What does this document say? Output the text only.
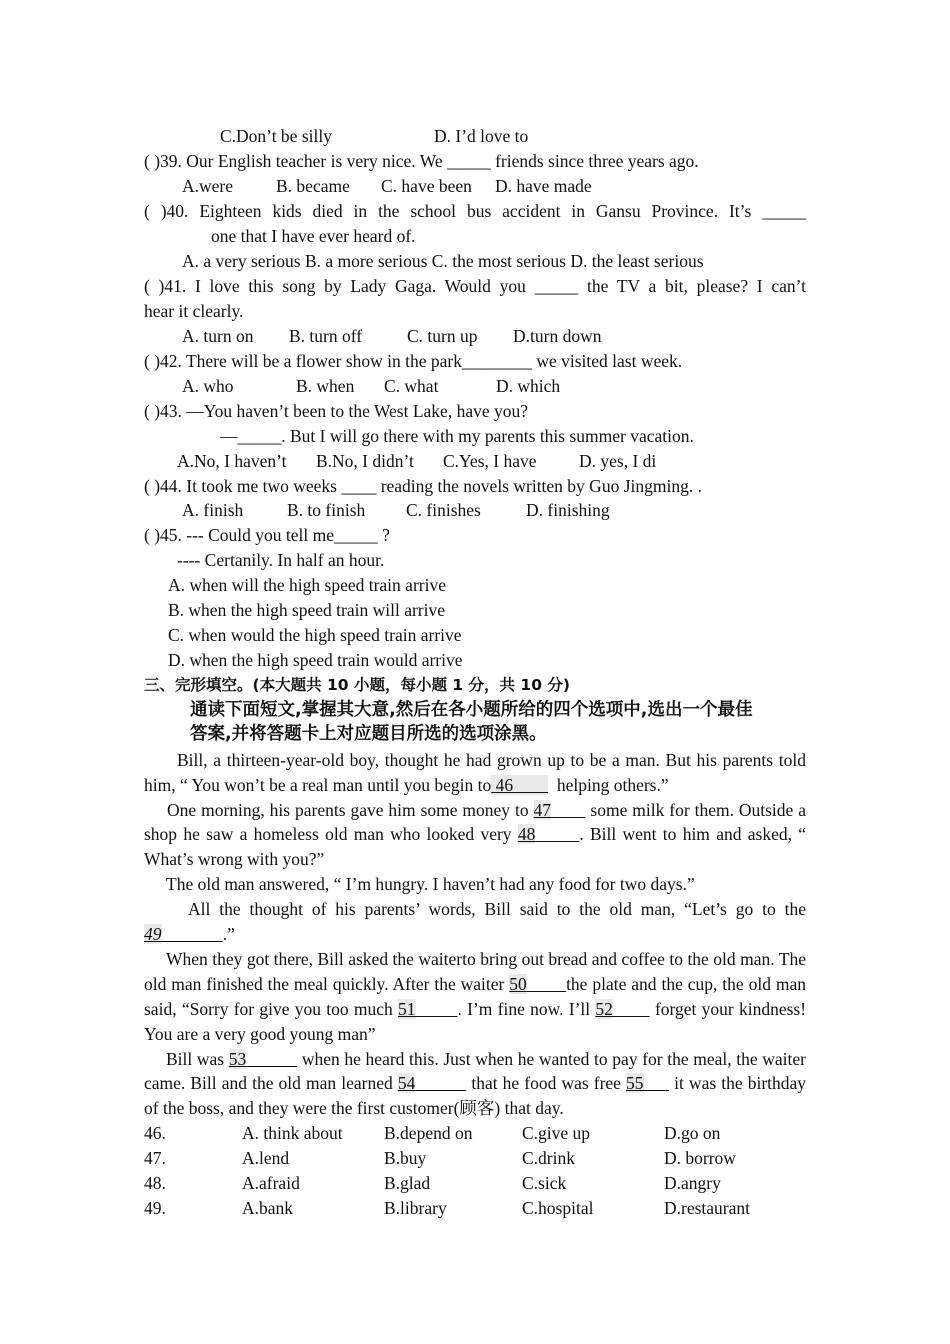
C.Don’t be silly	D. I’d love to
( )39. Our English teacher is very nice. We _____ friends since three years ago.
A.were B. became C. have been D. have made
( )40. Eighteen kids died in the school bus accident in Gansu Province. It’s _____
one that I have ever heard of.
A. a very serious B. a more serious C. the most serious D. the least serious
( )41. I love this song by Lady Gaga. Would you _____ the TV a bit, please? I can’t
hear it clearly.
A. turn on B. turn off	C. turn up D.turn down
( )42. There will be a flower show in the park________ we visited last week.
A. who	B. when C. what	D. which
( )43. —You haven’t been to the West Lake, have you?
—_____. But I will go there with my parents this summer vacation.
A.No, I haven’t B.No, I didn’t C.Yes, I have D. yes, I di
( )44. It took me two weeks ____ reading the novels written by Guo Jingming. .
A. finish	B. to finish C. finishes	D. finishing
( )45. --- Could you tell me_____ ?
---- Certanily. In half an hour.
A. when will the high speed train arrive
B. when the high speed train will arrive
C. when would the high speed train arrive
D. when the high speed train would arrive
三、完形填空。(本大题共 10 小题，每小题 1 分，共 10 分)
通读下面短文,掌握其大意,然后在各小题所给的四个选项中,选出一个最佳
答案,并将答题卡上对应题目所选的选项涂黑。
Bill, a thirteen-year-old boy, thought he had grown up to be a man. But his parents told
him, “ You won’t be a real man until you begin to 46	helping others.”
One morning, his parents gave him some money to 47 some milk for them. Outside a
shop he saw a homeless old man who looked very 48	. Bill went to him and asked, “
What’s wrong with you?”
The old man answered, “ I’m hungry. I haven’t had any food for two days.”
All the thought of his parents’ words, Bill said to the old man, “Let’s go to the
49	.”
When they got there, Bill asked the waiterto bring out bread and coffee to the old man. The
old man finished the meal quickly. After the waiter 50 the plate and the cup, the old man
said, “Sorry for give you too much 51 . I’m fine now. I’ll 52 forget your kindness!
You are a very good young man”
Bill was 53	when he heard this. Just when he wanted to pay for the meal, the waiter
came. Bill and the old man learned 54	that he food was free 55 it was the birthday
of the boss, and they were the first customer(顾客) that day.
46.	A. think about B.depend on	C.give up	D.go on
47.	A.lend	B.buy	C.drink	D. borrow
48.	A.afraid	B.glad	C.sick	D.angry
49.	A.bank	B.library	C.hospital	D.restaurant
